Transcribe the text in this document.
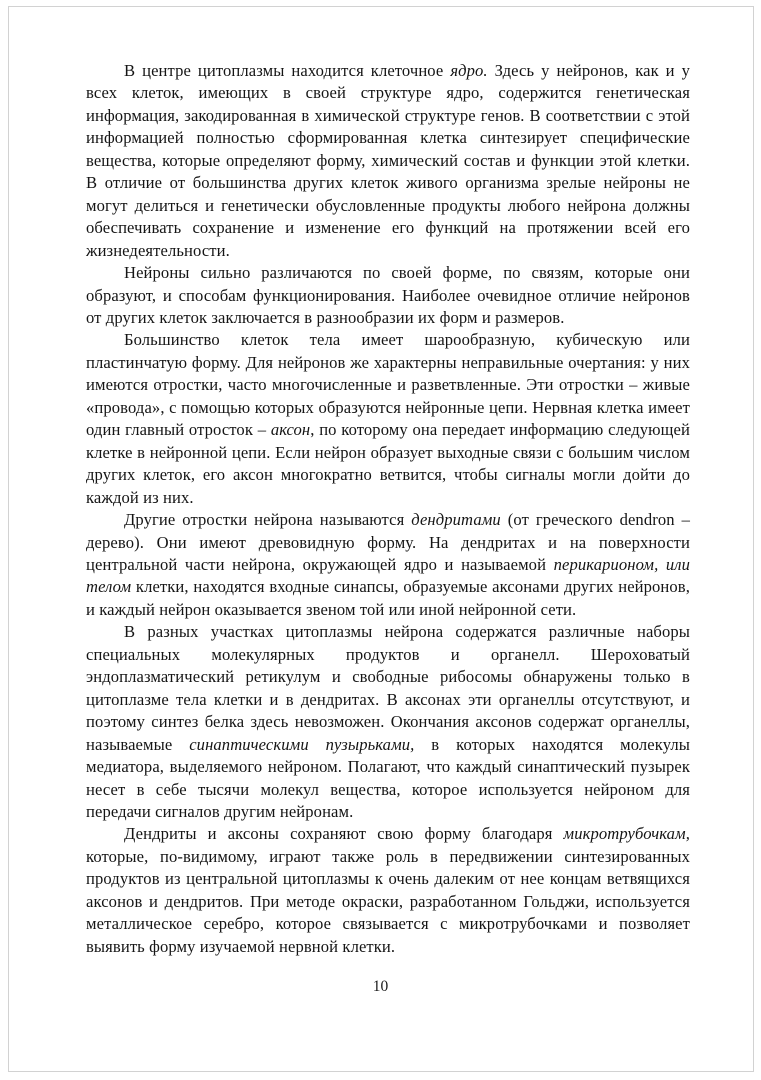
В центре цитоплазмы находится клеточное ядро. Здесь у нейронов, как и у всех клеток, имеющих в своей структуре ядро, содержится генетическая информация, закодированная в химической структуре генов. В соответствии с этой информацией полностью сформированная клетка синтезирует специфические вещества, которые определяют форму, химический состав и функции этой клетки. В отличие от большинства других клеток живого организма зрелые нейроны не могут делиться и генетически обусловленные продукты любого нейрона должны обеспечивать сохранение и изменение его функций на протяжении всей его жизнедеятельности.

Нейроны сильно различаются по своей форме, по связям, которые они образуют, и способам функционирования. Наиболее очевидное отличие нейронов от других клеток заключается в разнообразии их форм и размеров.

Большинство клеток тела имеет шарообразную, кубическую или пластинчатую форму. Для нейронов же характерны неправильные очертания: у них имеются отростки, часто многочисленные и разветвленные. Эти отростки – живые «провода», с помощью которых образуются нейронные цепи. Нервная клетка имеет один главный отросток – аксон, по которому она передает информацию следующей клетке в нейронной цепи. Если нейрон образует выходные связи с большим числом других клеток, его аксон многократно ветвится, чтобы сигналы могли дойти до каждой из них.

Другие отростки нейрона называются дендритами (от греческого dendron – дерево). Они имеют древовидную форму. На дендритах и на поверхности центральной части нейрона, окружающей ядро и называемой перикарионом, или телом клетки, находятся входные синапсы, образуемые аксонами других нейронов, и каждый нейрон оказывается звеном той или иной нейронной сети.

В разных участках цитоплазмы нейрона содержатся различные наборы специальных молекулярных продуктов и органелл. Шероховатый эндоплазматический ретикулум и свободные рибосомы обнаружены только в цитоплазме тела клетки и в дендритах. В аксонах эти органеллы отсутствуют, и поэтому синтез белка здесь невозможен. Окончания аксонов содержат органеллы, называемые синаптическими пузырьками, в которых находятся молекулы медиатора, выделяемого нейроном. Полагают, что каждый синаптический пузырек несет в себе тысячи молекул вещества, которое используется нейроном для передачи сигналов другим нейронам.

Дендриты и аксоны сохраняют свою форму благодаря микротрубочкам, которые, по-видимому, играют также роль в передвижении синтезированных продуктов из центральной цитоплазмы к очень далеким от нее концам ветвящихся аксонов и дендритов. При методе окраски, разработанном Гольджи, используется металлическое серебро, которое связывается с микротрубочками и позволяет выявить форму изучаемой нервной клетки.

10
